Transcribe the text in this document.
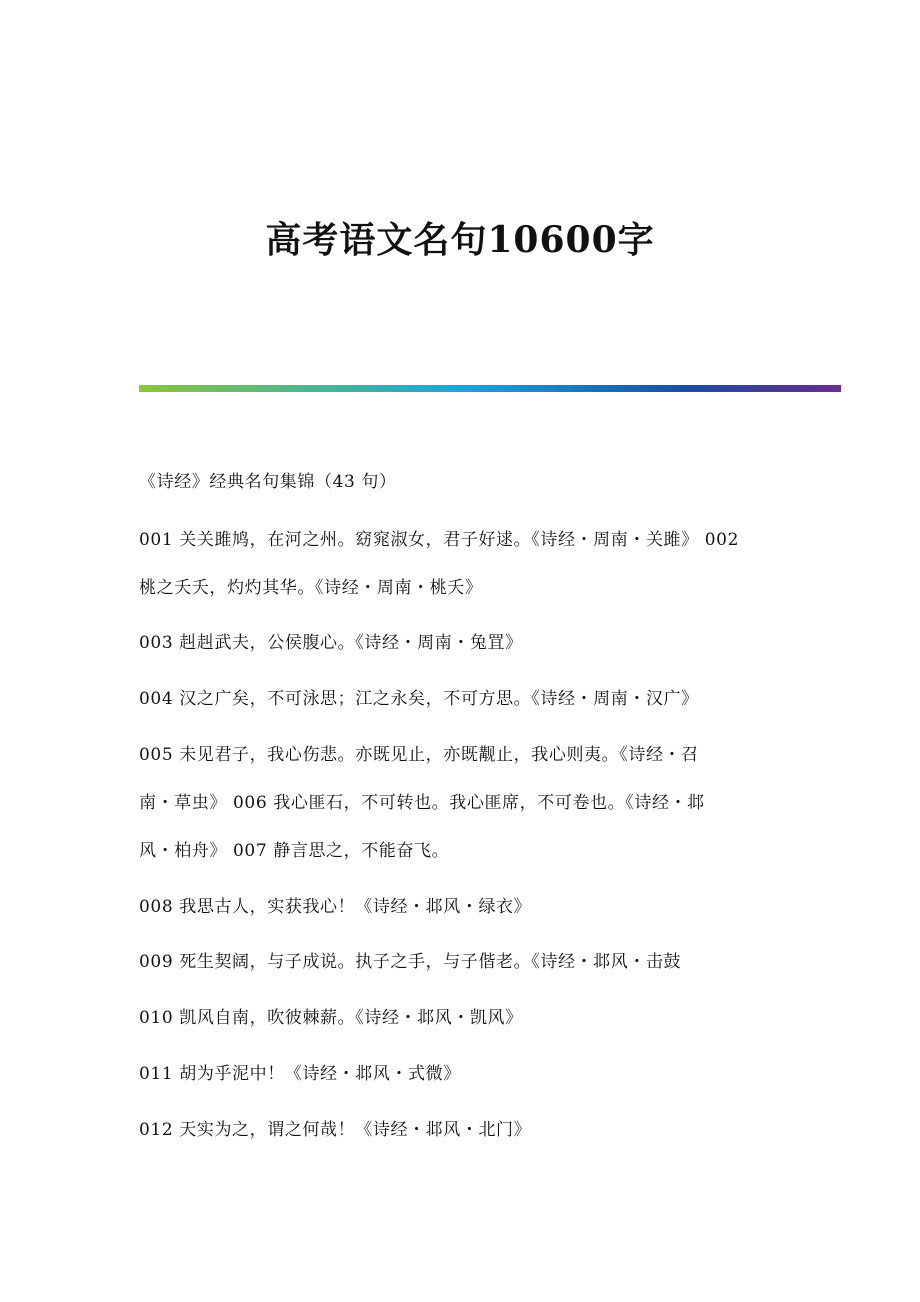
高考语文名句10600字
《诗经》经典名句集锦（43 句）
001 关关雎鸠，在河之州。窈窕淑女，君子好逑。《诗经・周南・关雎》 002
桃之夭夭，灼灼其华。《诗经・周南・桃夭》
003 赳赳武夫，公侯腹心。《诗经・周南・兔罝》
004 汉之广矣，不可泳思；江之永矣，不可方思。《诗经・周南・汉广》
005 未见君子，我心伤悲。亦既见止，亦既觏止，我心则夷。《诗经・召
南・草虫》 006 我心匪石，不可转也。我心匪席，不可卷也。《诗经・邶
风・柏舟》 007 静言思之，不能奋飞。
008 我思古人，实获我心！《诗经・邶风・绿衣》
009 死生契阔，与子成说。执子之手，与子偕老。《诗经・邶风・击鼓
010 凯风自南，吹彼棘薪。《诗经・邶风・凯风》
011 胡为乎泥中！《诗经・邶风・式微》
012 天实为之，谓之何哉！《诗经・邶风・北门》
